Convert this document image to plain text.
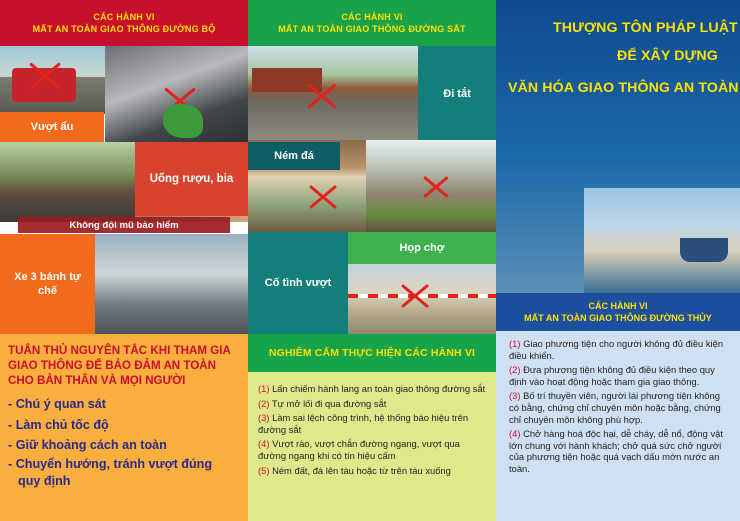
CÁC HÀNH VI
MẤT AN TOÀN GIAO THÔNG ĐƯỜNG BỘ
Vượt ẩu
Uống rượu, bia
Không đội mũ bảo hiểm
Xe 3 bánh tự chế
CÁC HÀNH VI
MẤT AN TOÀN GIAO THÔNG ĐƯỜNG SẮT
Đi tắt
Ném đá
Họp chợ
Cố tình vượt
THƯỢNG TÔN PHÁP LUẬT
ĐỂ XÂY DỰNG
VĂN HÓA GIAO THÔNG AN TOÀN
CÁC HÀNH VI
MẤT AN TOÀN GIAO THÔNG ĐƯỜNG THỦY

(1) Giao phương tiện cho người không đủ điều kiện điều khiển.

(2) Đưa phương tiện không đủ điều kiện theo quy định vào hoạt động hoặc tham gia giao thông.

(3) Bố trí thuyền viên, người lái phương tiện không có bằng, chứng chỉ chuyên môn hoặc bằng, chứng chỉ chuyên môn không phù hợp.

(4) Chở hàng hoá độc hại, dễ cháy, dễ nổ, động vật lớn chung với hành khách; chở quá sức chở người của phương tiện hoặc quá vạch dấu mớn nước an toàn.

TUÂN THỦ NGUYÊN TẮC KHI THAM GIA GIAO THÔNG ĐỂ BẢO ĐẢM AN TOÀN CHO BẢN THÂN VÀ MỌI NGƯỜI
- Chú ý quan sát
- Làm chủ tốc độ
- Giữ khoảng cách an toàn
- Chuyển hướng, tránh vượt đúng
quy định
NGHIÊM CẤM THỰC HIỆN CÁC HÀNH VI

(1) Lấn chiếm hành lang an toàn giao thông đường sắt

(2) Tự mở lối đi qua đường sắt

(3) Làm sai lệch công trình, hệ thống báo hiệu trên đường sắt

(4) Vượt rào, vượt chắn đường ngang, vượt qua đường ngang khi có tín hiệu cấm

(5) Ném đất, đá lên tàu hoặc từ trên tàu xuống
